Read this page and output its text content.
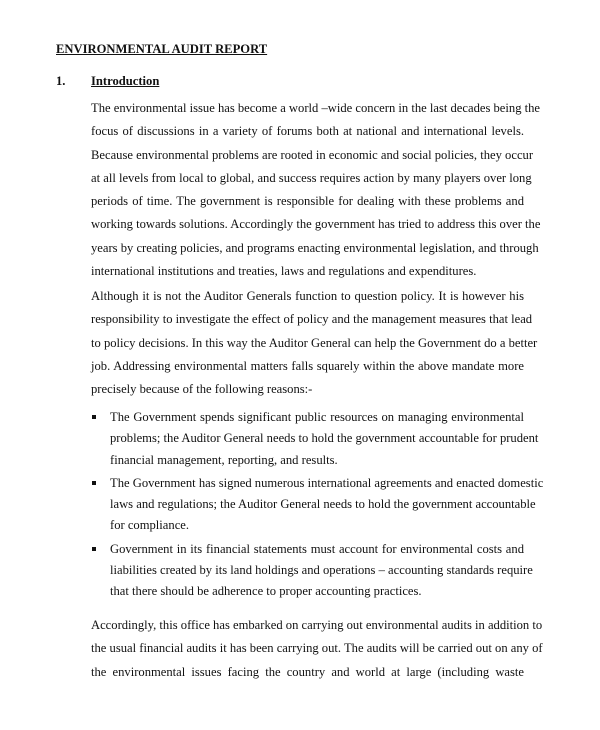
ENVIRONMENTAL AUDIT REPORT
1. Introduction
The environmental issue has become a world –wide concern in the last decades being the
focus of discussions in a variety of forums both at national and international levels.
Because environmental problems are rooted in economic and social policies, they occur
at all levels from local to global, and success requires action by many players over long
periods of time. The government is responsible for dealing with these problems and
working towards solutions. Accordingly the government has tried to address this over the
years by creating policies, and programs enacting environmental legislation, and through
international institutions and treaties, laws and regulations and expenditures.
Although it is not the Auditor Generals function to question policy. It is however his
responsibility to investigate the effect of policy and the management measures that lead
to policy decisions. In this way the Auditor General can help the Government do a better
job. Addressing environmental matters falls squarely within the above mandate more
precisely because of the following reasons:-
The Government spends significant public resources on managing environmental
problems; the Auditor General needs to hold the government accountable for prudent
financial management, reporting, and results.
The Government has signed numerous international agreements and enacted domestic
laws and regulations; the Auditor General needs to hold the government accountable
for compliance.
Government in its financial statements must account for environmental costs and
liabilities created by its land holdings and operations – accounting standards require
that there should be adherence to proper accounting practices.
Accordingly, this office has embarked on carrying out environmental audits in addition to
the usual financial audits it has been carrying out. The audits will be carried out on any of
the environmental issues facing the country and world at large (including waste
